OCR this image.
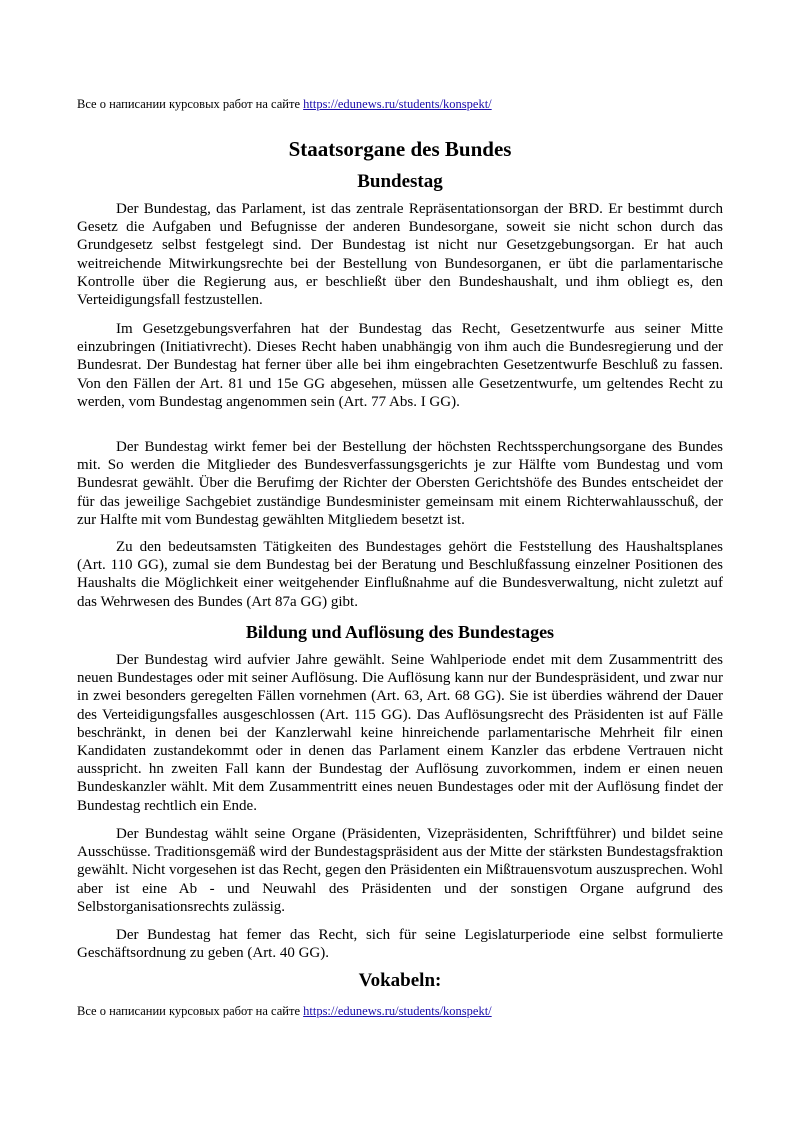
Все о написании курсовых работ на сайте https://edunews.ru/students/konspekt/
Staatsorgane des Bundes
Bundestag

Der Bundestag, das Parlament, ist das zentrale Repräsentationsorgan der BRD. Er bestimmt durch Gesetz die Aufgaben und Befugnisse der anderen Bundesorgane, soweit sie nicht schon durch das Grundgesetz selbst festgelegt sind. Der Bundestag ist nicht nur Gesetzgebungsorgan. Er hat auch weitreichende Mitwirkungsrechte bei der Bestellung von Bundesorganen, er übt die parlamentarische Kontrolle über die Regierung aus, er beschließt über den Bundeshaushalt, und ihm obliegt es, den Verteidigungsfall festzustellen.

Im Gesetzgebungsverfahren hat der Bundestag das Recht, Gesetzentwurfe aus seiner Mitte einzubringen (Initiativrecht). Dieses Recht haben unabhängig von ihm auch die Bundesregierung und der Bundesrat. Der Bundestag hat ferner über alle bei ihm eingebrachten Gesetzentwurfe Beschluß zu fassen. Von den Fällen der Art. 81 und 15e GG abgesehen, müssen alle Gesetzentwurfe, um geltendes Recht zu werden, vom Bundestag angenommen sein (Art. 77 Abs. I GG).

Der Bundestag wirkt femer bei der Bestellung der höchsten Rechtssperchungsorgane des Bundes mit. So werden die Mitglieder des Bundesverfassungsgerichts je zur Hälfte vom Bundestag und vom Bundesrat gewählt. Über die Berufimg der Richter der Obersten Gerichtshöfe des Bundes entscheidet der für das jeweilige Sachgebiet zuständige Bundesminister gemeinsam mit einem Richterwahlausschuß, der zur Halfte mit vom Bundestag gewählten Mitgliedem besetzt ist.

Zu den bedeutsamsten Tätigkeiten des Bundestages gehört die Feststellung des Haushaltsplanes (Art. 110 GG), zumal sie dem Bundestag bei der Beratung und Beschlußfassung einzelner Positionen des Haushalts die Möglichkeit einer weitgehender Einflußnahme auf die Bundesverwaltung, nicht zuletzt auf das Wehrwesen des Bundes (Art 87a GG) gibt.

Bildung und Auflösung des Bundestages

Der Bundestag wird aufvier Jahre gewählt. Seine Wahlperiode endet mit dem Zusammentritt des neuen Bundestages oder mit seiner Auflösung. Die Auflösung kann nur der Bundespräsident, und zwar nur in zwei besonders geregelten Fällen vornehmen (Art. 63, Art. 68 GG). Sie ist überdies während der Dauer des Verteidigungsfalles ausgeschlossen (Art. 115 GG). Das Auflösungsrecht des Präsidenten ist auf Fälle beschränkt, in denen bei der Kanzlerwahl keine hinreichende parlamentarische Mehrheit filr einen Kandidaten zustandekommt oder in denen das Parlament einem Kanzler das erbdene Vertrauen nicht ausspricht. hn zweiten Fall kann der Bundestag der Auflösung zuvorkommen, indem er einen neuen Bundeskanzler wählt. Mit dem Zusammentritt eines neuen Bundestages oder mit der Auflösung findet der Bundestag rechtlich ein Ende.

Der Bundestag wählt seine Organe (Präsidenten, Vizepräsidenten, Schriftführer) und bildet seine Ausschüsse. Traditionsgemäß wird der Bundestagspräsident aus der Mitte der stärksten Bundestagsfraktion gewählt. Nicht vorgesehen ist das Recht, gegen den Präsidenten ein Mißtrauensvotum auszusprechen. Wohl aber ist eine Ab - und Neuwahl des Präsidenten und der sonstigen Organe aufgrund des Selbstorganisationsrechts zulässig.

Der Bundestag hat femer das Recht, sich für seine Legislaturperiode eine selbst formulierte Geschäftsordnung zu geben (Art. 40 GG).

Vokabeln:
Все о написании курсовых работ на сайте https://edunews.ru/students/konspekt/
